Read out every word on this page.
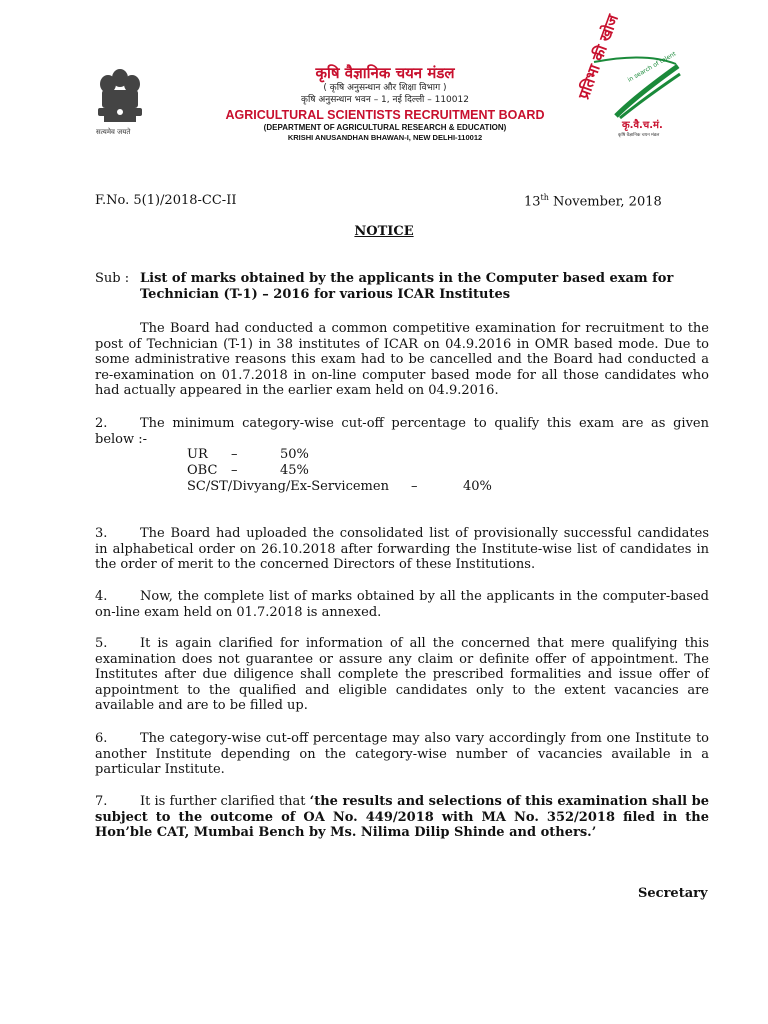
सत्यमेव जयते
कृषि वैज्ञानिक चयन मंडल
( कृषि अनुसन्धान और शिक्षा विभाग )
कृषि अनुसन्धान भवन – 1, नई दिल्ली – 110012
AGRICULTURAL SCIENTISTS RECRUITMENT BOARD
(DEPARTMENT OF AGRICULTURAL RESEARCH & EDUCATION)
KRISHI ANUSANDHAN BHAWAN-I, NEW DELHI-110012
प्रतिभा की खोज in search of talent
कृ.वै.च.मं.
कृषि वैज्ञानिक चयन मंडल
F.No. 5(1)/2018-CC-II	13th November, 2018
NOTICE
Sub : List of marks obtained by the applicants in the Computer based exam for Technician (T-1) – 2016 for various ICAR Institutes
The Board had conducted a common competitive examination for recruitment to the post of Technician (T-1) in 38 institutes of ICAR on 04.9.2016 in OMR based mode. Due to some administrative reasons this exam had to be cancelled and the Board had conducted a re-examination on 01.7.2018 in on-line computer based mode for all those candidates who had actually appeared in the earlier exam held on 04.9.2016.
2.	The minimum category-wise cut-off percentage to qualify this exam are as given below :-
UR –	50%
OBC –	45%
SC/ST/Divyang/Ex-Servicemen –	40%
3.	The Board had uploaded the consolidated list of provisionally successful candidates in alphabetical order on 26.10.2018 after forwarding the Institute-wise list of candidates in the order of merit to the concerned Directors of these Institutions.
4.	Now, the complete list of marks obtained by all the applicants in the computer-based on-line exam held on 01.7.2018 is annexed.
5.	It is again clarified for information of all the concerned that mere qualifying this examination does not guarantee or assure any claim or definite offer of appointment. The Institutes after due diligence shall complete the prescribed formalities and issue offer of appointment to the qualified and eligible candidates only to the extent vacancies are available and are to be filled up.
6.	The category-wise cut-off percentage may also vary accordingly from one Institute to another Institute depending on the category-wise number of vacancies available in a particular Institute.
7.	It is further clarified that ‘the results and selections of this examination shall be subject to the outcome of OA No. 449/2018 with MA No. 352/2018 filed in the Hon’ble CAT, Mumbai Bench by Ms. Nilima Dilip Shinde and others.’
Secretary
